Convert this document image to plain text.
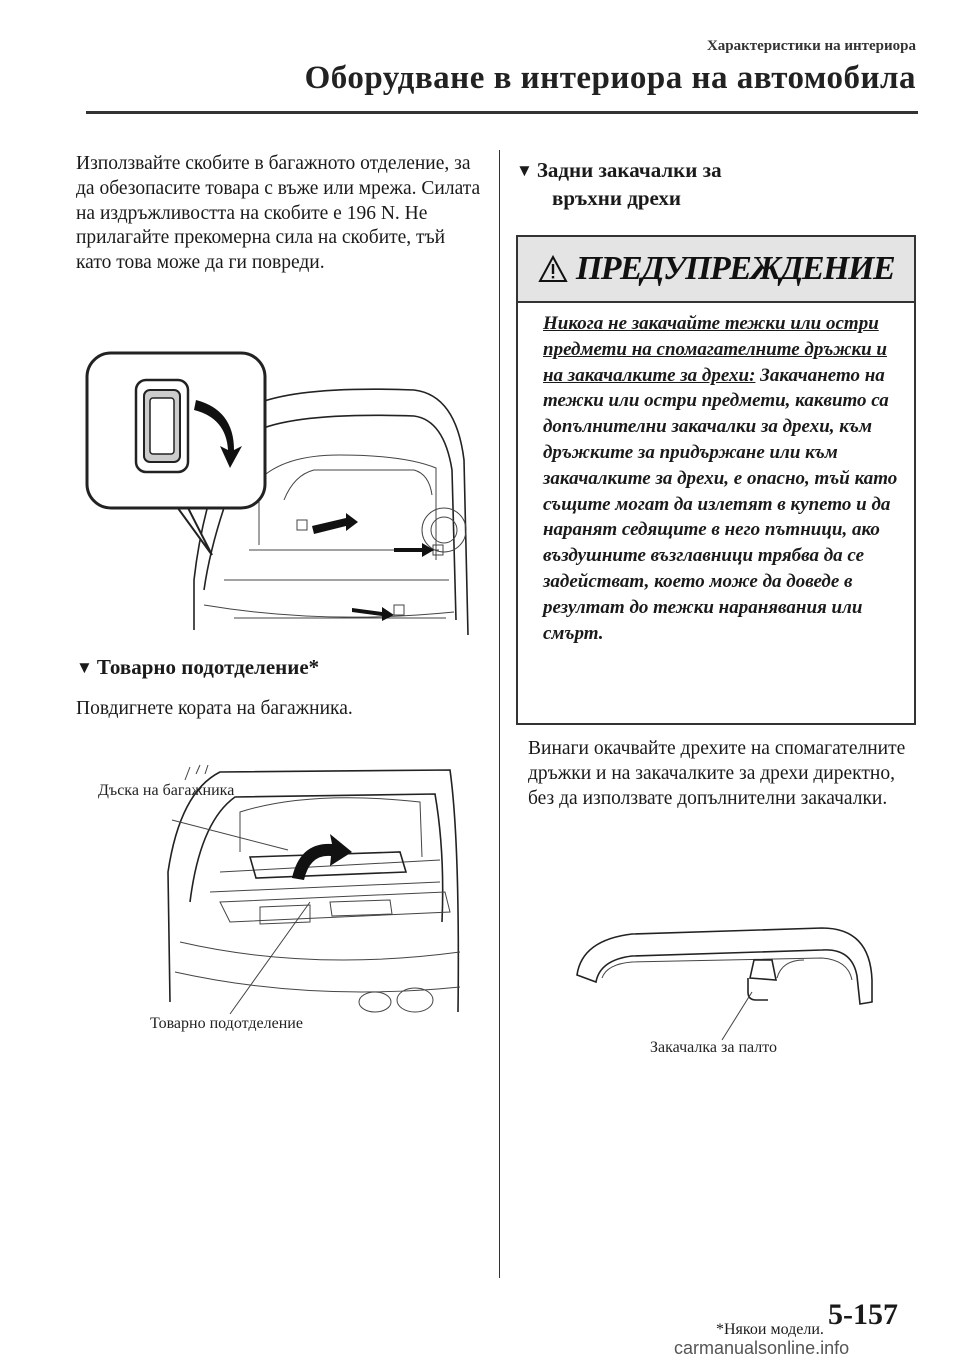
Характеристики на интериора
Оборудване в интериора на автомобила
Използвайте скобите в багажното отделение, за да обезопасите товара с въже или мрежа. Силата на издръжливостта на скобите е 196 N. Не прилагайте прекомерна сила на скобите, тъй като това може да ги повреди.
▼ Товарно подотделение*
Повдигнете кората на багажника.
Дъска на багажника
Товарно подотделение
▼ Задни закачалки за
връхни дрехи
ПРЕДУПРЕЖДЕНИЕ
Никога не закачайте тежки или остри предмети на спомагателните дръжки и на закачалките за дрехи: Закачането на тежки или остри предмети, каквито са допълнителни закачалки за дрехи, към дръжките за придържане или към закачалките за дрехи, е опасно, тъй като същите могат да излетят в купето и да наранят седящите в него пътници, ако въздушните възглавници трябва да се задействат, което може да доведе в резултат до тежки наранявания или смърт.
Винаги окачвайте дрехите на спомагателните дръжки и на закачалките за дрехи директно, без да използвате допълнителни закачалки.
Закачалка за палто
*Някои модели. 5-157
carmanualsonline.info
